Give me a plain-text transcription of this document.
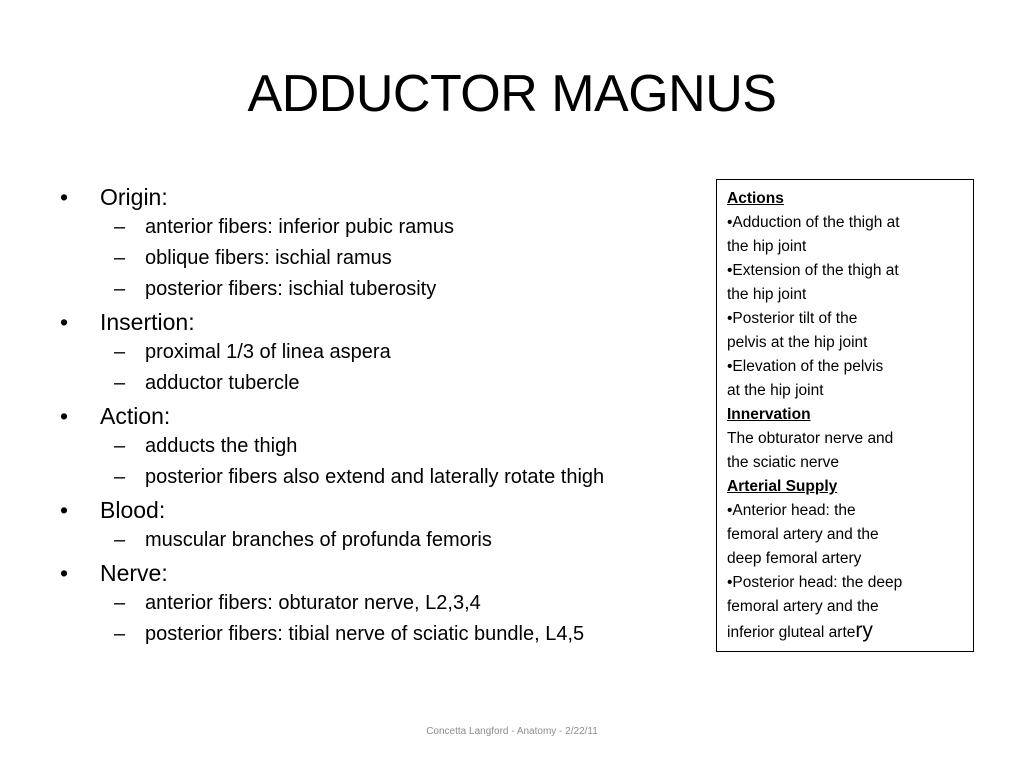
ADDUCTOR MAGNUS
• Origin:
– anterior fibers: inferior pubic ramus
– oblique fibers: ischial ramus
– posterior fibers: ischial tuberosity
• Insertion:
– proximal 1/3 of linea aspera
– adductor tubercle
• Action:
– adducts the thigh
– posterior fibers also extend and laterally rotate thigh
• Blood:
– muscular branches of profunda femoris
• Nerve:
– anterior fibers: obturator nerve, L2,3,4
– posterior fibers: tibial nerve of sciatic bundle, L4,5
Actions
•Adduction of the thigh at
the hip joint
•Extension of the thigh at
the hip joint
•Posterior tilt of the
pelvis at the hip joint
•Elevation of the pelvis
at the hip joint
Innervation
The obturator nerve and
the sciatic nerve
Arterial Supply
•Anterior head: the
femoral artery and the
deep femoral artery
•Posterior head: the deep
femoral artery and the
inferior gluteal artery
Concetta Langford - Anatomy - 2/22/11
